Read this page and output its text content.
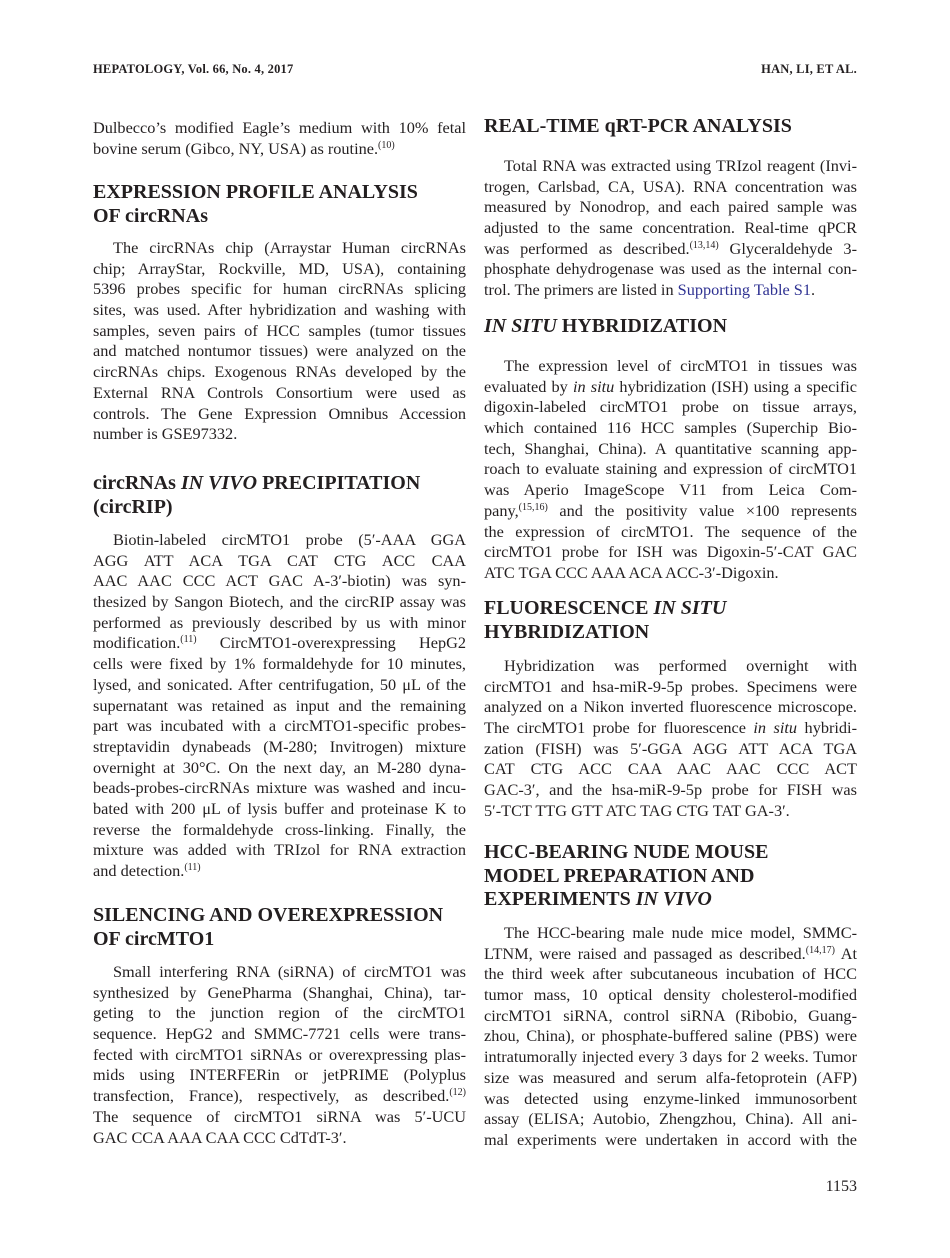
HEPATOLOGY, Vol. 66, No. 4, 2017	HAN, LI, ET AL.
Dulbecco’s modified Eagle’s medium with 10% fetal
bovine serum (Gibco, NY, USA) as routine.$^{(10)}$
EXPRESSION PROFILE ANALYSIS
OF circRNAs
The circRNAs chip (Arraystar Human circRNAs
chip; ArrayStar, Rockville, MD, USA), containing
5396 probes specific for human circRNAs splicing
sites, was used. After hybridization and washing with
samples, seven pairs of HCC samples (tumor tissues
and matched nontumor tissues) were analyzed on the
circRNAs chips. Exogenous RNAs developed by the
External RNA Controls Consortium were used as
controls. The Gene Expression Omnibus Accession
number is GSE97332.
circRNAs IN VIVO PRECIPITATION
(circRIP)
Biotin-labeled circMTO1 probe (5′-AAA GGA
AGG ATT ACA TGA CAT CTG ACC CAA
AAC AAC CCC ACT GAC A-3′-biotin) was syn-
thesized by Sangon Biotech, and the circRIP assay was
performed as previously described by us with minor
modification.$^{(11)}$ CircMTO1-overexpressing HepG2
cells were fixed by 1% formaldehyde for 10 minutes,
lysed, and sonicated. After centrifugation, 50 μL of the
supernatant was retained as input and the remaining
part was incubated with a circMTO1-specific probes-
streptavidin dynabeads (M-280; Invitrogen) mixture
overnight at 30°C. On the next day, an M-280 dyna-
beads-probes-circRNAs mixture was washed and incu-
bated with 200 μL of lysis buffer and proteinase K to
reverse the formaldehyde cross-linking. Finally, the
mixture was added with TRIzol for RNA extraction
and detection.$^{(11)}$
SILENCING AND OVEREXPRESSION
OF circMTO1
Small interfering RNA (siRNA) of circMTO1 was
synthesized by GenePharma (Shanghai, China), tar-
geting to the junction region of the circMTO1
sequence. HepG2 and SMMC-7721 cells were trans-
fected with circMTO1 siRNAs or overexpressing plas-
mids using INTERFERin or jetPRIME (Polyplus
transfection, France), respectively, as described.$^{(12)}$
The sequence of circMTO1 siRNA was 5′-UCU
GAC CCA AAA CAA CCC CdTdT-3′.
REAL-TIME qRT-PCR ANALYSIS
Total RNA was extracted using TRIzol reagent (Invi-
trogen, Carlsbad, CA, USA). RNA concentration was
measured by Nonodrop, and each paired sample was
adjusted to the same concentration. Real-time qPCR
was performed as described.$^{(13,14)}$ Glyceraldehyde 3-
phosphate dehydrogenase was used as the internal con-
trol. The primers are listed in Supporting Table S1.
IN SITU HYBRIDIZATION
The expression level of circMTO1 in tissues was
evaluated by in situ hybridization (ISH) using a specific
digoxin-labeled circMTO1 probe on tissue arrays,
which contained 116 HCC samples (Superchip Bio-
tech, Shanghai, China). A quantitative scanning app-
roach to evaluate staining and expression of circMTO1
was Aperio ImageScope V11 from Leica Com-
pany,$^{(15,16)}$ and the positivity value ×100 represents
the expression of circMTO1. The sequence of the
circMTO1 probe for ISH was Digoxin-5′-CAT GAC
ATC TGA CCC AAA ACA ACC-3′-Digoxin.
FLUORESCENCE IN SITU
HYBRIDIZATION
Hybridization was performed overnight with
circMTO1 and hsa-miR-9-5p probes. Specimens were
analyzed on a Nikon inverted fluorescence microscope.
The circMTO1 probe for fluorescence in situ hybridi-
zation (FISH) was 5′-GGA AGG ATT ACA TGA
CAT CTG ACC CAA AAC AAC CCC ACT
GAC-3′, and the hsa-miR-9-5p probe for FISH was
5′-TCT TTG GTT ATC TAG CTG TAT GA-3′.
HCC-BEARING NUDE MOUSE
MODEL PREPARATION AND
EXPERIMENTS IN VIVO
The HCC-bearing male nude mice model, SMMC-
LTNM, were raised and passaged as described.$^{(14,17)}$ At
the third week after subcutaneous incubation of HCC
tumor mass, 10 optical density cholesterol-modified
circMTO1 siRNA, control siRNA (Ribobio, Guang-
zhou, China), or phosphate-buffered saline (PBS) were
intratumorally injected every 3 days for 2 weeks. Tumor
size was measured and serum alfa-fetoprotein (AFP)
was detected using enzyme-linked immunosorbent
assay (ELISA; Autobio, Zhengzhou, China). All ani-
mal experiments were undertaken in accord with the
1153
